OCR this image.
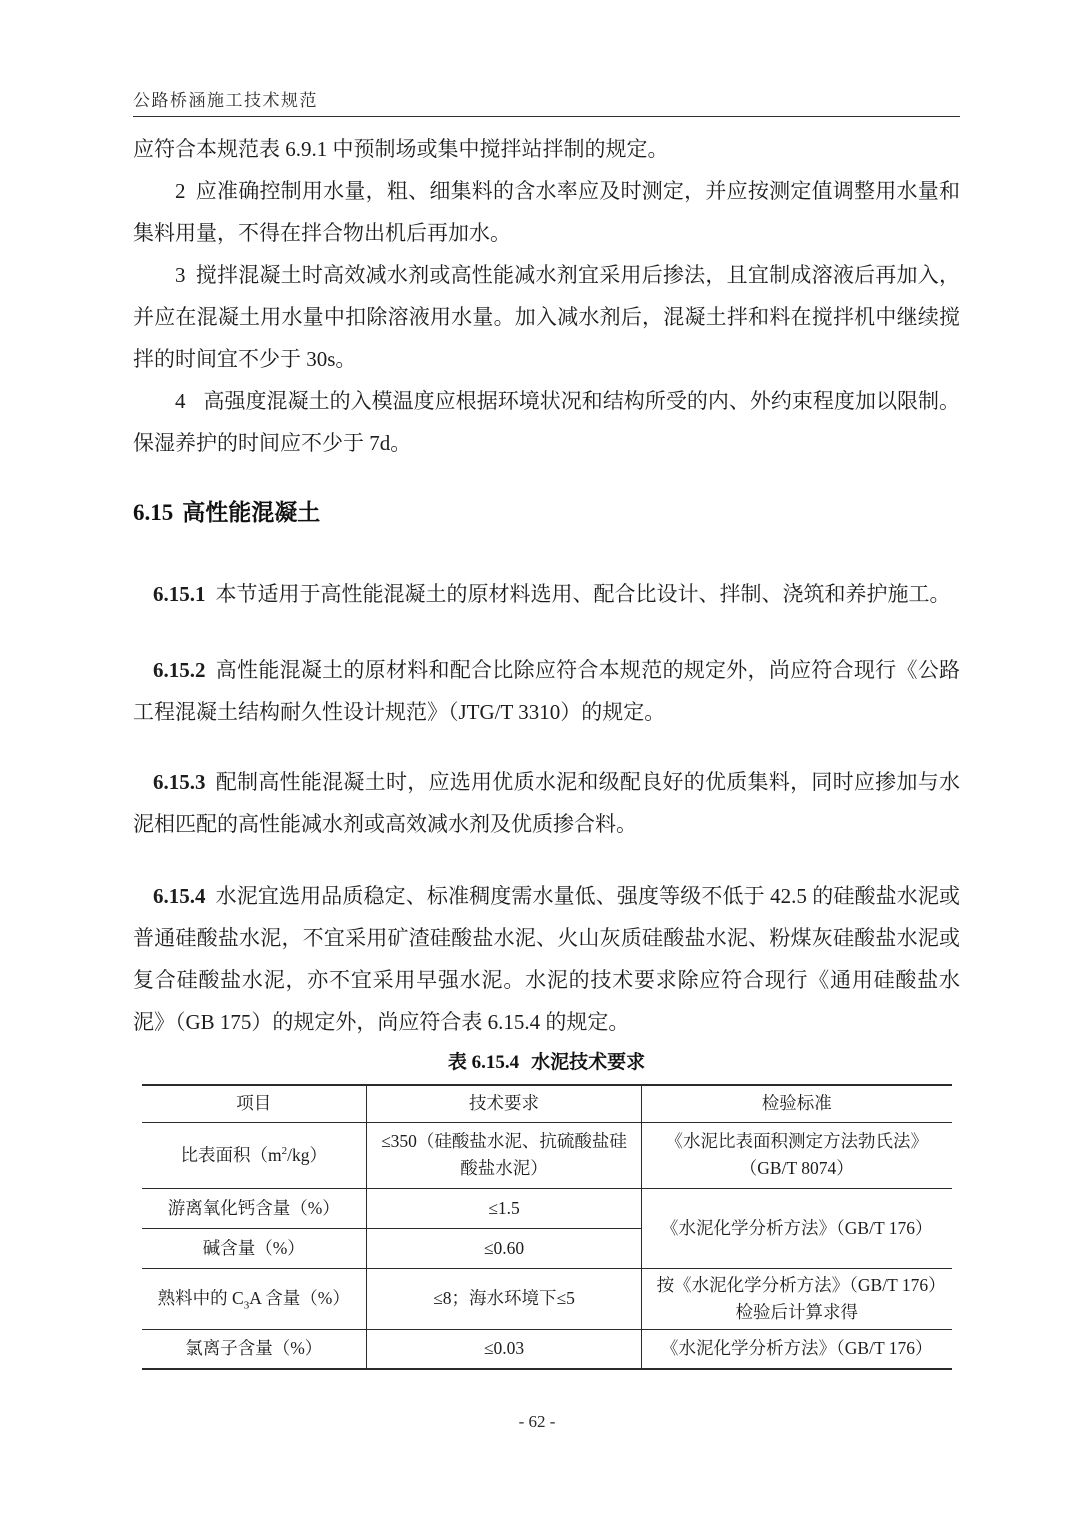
公路桥涵施工技术规范

应符合本规范表 6.9.1 中预制场或集中搅拌站拌制的规定。

2 应准确控制用水量，粗、细集料的含水率应及时测定，并应按测定值调整用水量和集料用量，不得在拌合物出机后再加水。

3 搅拌混凝土时高效减水剂或高性能减水剂宜采用后掺法，且宜制成溶液后再加入，并应在混凝土用水量中扣除溶液用水量。加入减水剂后，混凝土拌和料在搅拌机中继续搅拌的时间宜不少于 30s。

4 高强度混凝土的入模温度应根据环境状况和结构所受的内、外约束程度加以限制。保湿养护的时间应不少于 7d。

6.15 高性能混凝土

6.15.1 本节适用于高性能混凝土的原材料选用、配合比设计、拌制、浇筑和养护施工。

6.15.2 高性能混凝土的原材料和配合比除应符合本规范的规定外，尚应符合现行《公路工程混凝土结构耐久性设计规范》（JTG/T 3310）的规定。

6.15.3 配制高性能混凝土时，应选用优质水泥和级配良好的优质集料，同时应掺加与水泥相匹配的高性能减水剂或高效减水剂及优质掺合料。

6.15.4 水泥宜选用品质稳定、标准稠度需水量低、强度等级不低于 42.5 的硅酸盐水泥或普通硅酸盐水泥，不宜采用矿渣硅酸盐水泥、火山灰质硅酸盐水泥、粉煤灰硅酸盐水泥或复合硅酸盐水泥，亦不宜采用早强水泥。水泥的技术要求除应符合现行《通用硅酸盐水泥》（GB 175）的规定外，尚应符合表 6.15.4 的规定。

表 6.15.4 水泥技术要求
项目	技术要求	检验标准
比表面积$(m^2/kg)$	≤350（硅酸盐水泥、抗硫酸盐硅酸盐水泥）	《水泥比表面积测定方法勃氏法》（GB/T 8074）
游离氧化钙含量（%）	≤1.5	《水泥化学分析方法》（GB/T 176）
碱含量（%）	≤0.60	
熟料中的 $C_3A$ 含量（%）	≤8；海水环境下≤5	按《水泥化学分析方法》（GB/T 176）检验后计算求得
氯离子含量（%）	≤0.03	《水泥化学分析方法》（GB/T 176）
- 62 -
